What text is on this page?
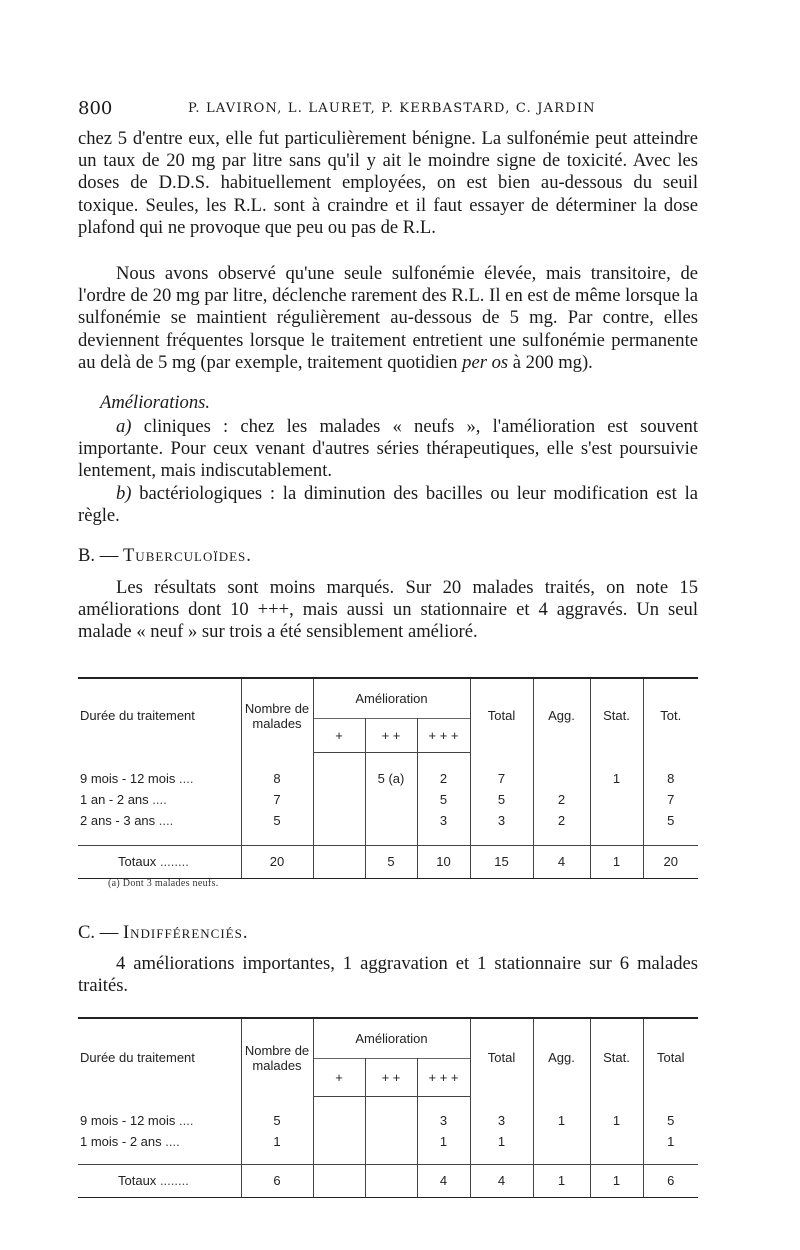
800	P. LAVIRON, L. LAURET, P. KERBASTARD, C. JARDIN

chez 5 d'entre eux, elle fut particulièrement bénigne. La sulfonémie peut atteindre un taux de 20 mg par litre sans qu'il y ait le moindre signe de toxicité. Avec les doses de D.D.S. habituellement employées, on est bien au-dessous du seuil toxique. Seules, les R.L. sont à craindre et il faut essayer de déterminer la dose plafond qui ne provoque que peu ou pas de R.L.

Nous avons observé qu'une seule sulfonémie élevée, mais transitoire, de l'ordre de 20 mg par litre, déclenche rarement des R.L. Il en est de même lorsque la sulfonémie se maintient régulièrement au-dessous de 5 mg. Par contre, elles deviennent fréquentes lorsque le traitement entretient une sulfonémie permanente au delà de 5 mg (par exemple, traitement quotidien per os à 200 mg).

Améliorations.

a) cliniques : chez les malades « neufs », l'amélioration est souvent importante. Pour ceux venant d'autres séries thérapeutiques, elle s'est poursuivie lentement, mais indiscutablement.

b) bactériologiques : la diminution des bacilles ou leur modification est la règle.

B. — Tuberculoïdes.

Les résultats sont moins marqués. Sur 20 malades traités, on note 15 améliorations dont 10 +++, mais aussi un stationnaire et 4 aggravés. Un seul malade « neuf » sur trois a été sensiblement amélioré.

Durée du traitement	Nombre de malades	Amélioration			Total	Agg.	Stat.	Tot.
		+	+ +	+ + +				

9 mois - 12 mois ....	8		5 (a)	2	7		1	8
1 an - 2 ans ....	7			5	5	2		7
2 ans - 3 ans ....	5			3	3	2		5

Totaux ........	20		5	10	15	4	1	20
(a) Dont 3 malades neufs.
C. — Indifférenciés.

4 améliorations importantes, 1 aggravation et 1 stationnaire sur 6 malades traités.

Durée du traitement	Nombre de malades	Amélioration			Total	Agg.	Stat.	Total
		+	+ +	+ + +				

9 mois - 12 mois ....	5			3	3	1	1	5
1 mois - 2 ans ....	1			1	1			1

Totaux ........	6			4	4	1	1	6
